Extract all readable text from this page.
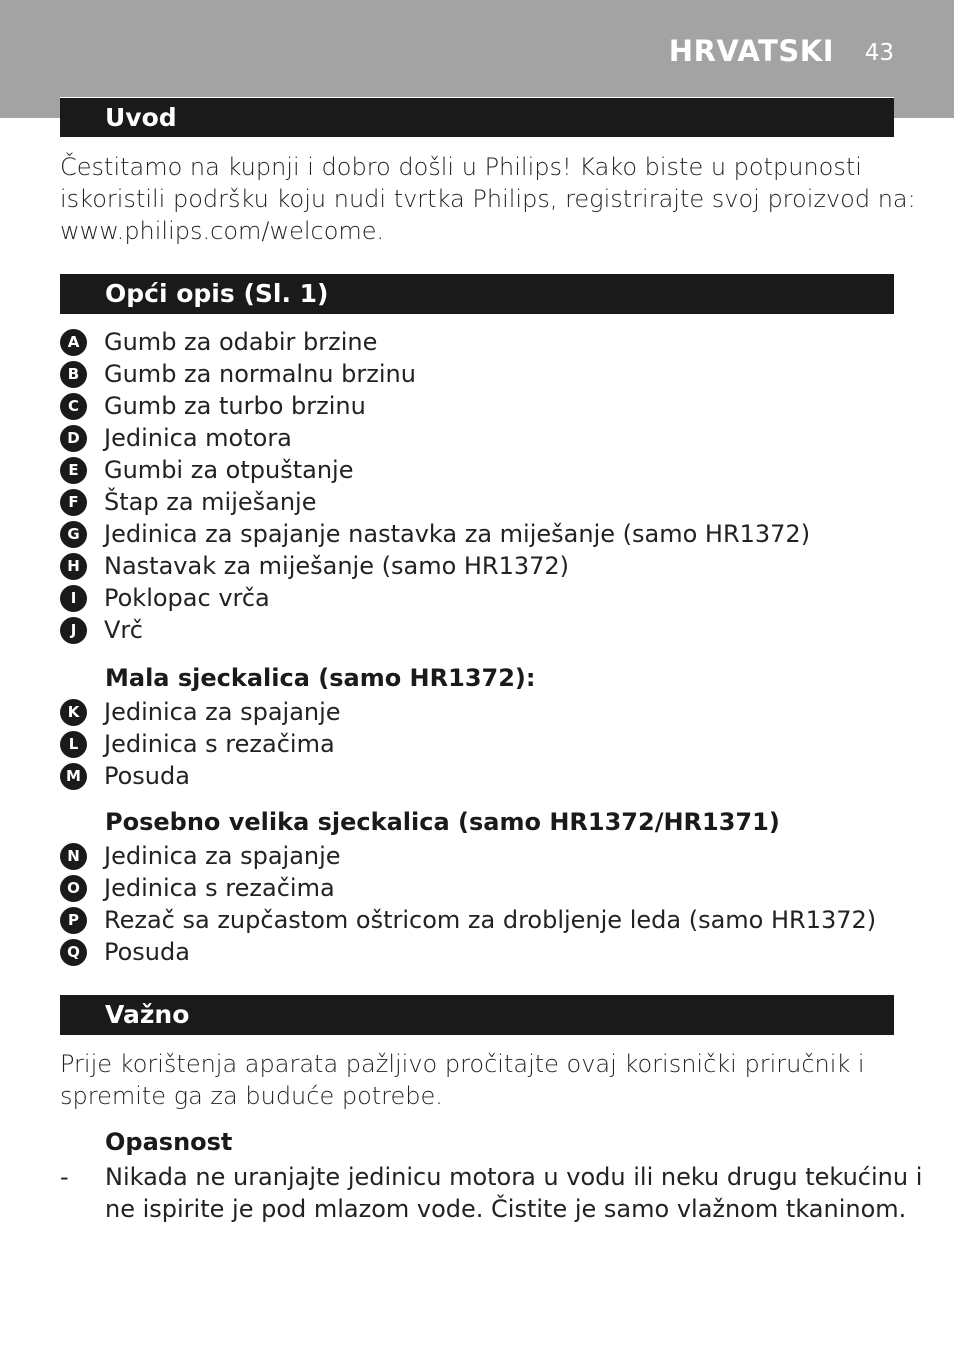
HRVATSKI 43
Uvod
Čestitamo na kupnji i dobro došli u Philips! Kako biste u potpunosti
iskoristili podršku koju nudi tvrtka Philips, registrirajte svoj proizvod na:
www.philips.com/welcome.
Opći opis (Sl. 1)
A	Gumb za odabir brzine
B	Gumb za normalnu brzinu
C	Gumb za turbo brzinu
D	Jedinica motora
E	Gumbi za otpuštanje
F	Štap za miješanje
G	Jedinica za spajanje nastavka za miješanje (samo HR1372)
H	Nastavak za miješanje (samo HR1372)
I	Poklopac vrča
J	Vrč
Mala sjeckalica (samo HR1372):
K	Jedinica za spajanje
L	Jedinica s rezačima
M Posuda
Posebno velika sjeckalica (samo HR1372/HR1371)
N	Jedinica za spajanje
O Jedinica s rezačima
P	Rezač sa zupčastom oštricom za drobljenje leda (samo HR1372)
Q Posuda
Važno
Prije korištenja aparata pažljivo pročitajte ovaj korisnički priručnik i
spremite ga za buduće potrebe.
Opasnost
- Nikada ne uranjajte jedinicu motora u vodu ili neku drugu tekućinu i
ne ispirite je pod mlazom vode. Čistite je samo vlažnom tkaninom.
